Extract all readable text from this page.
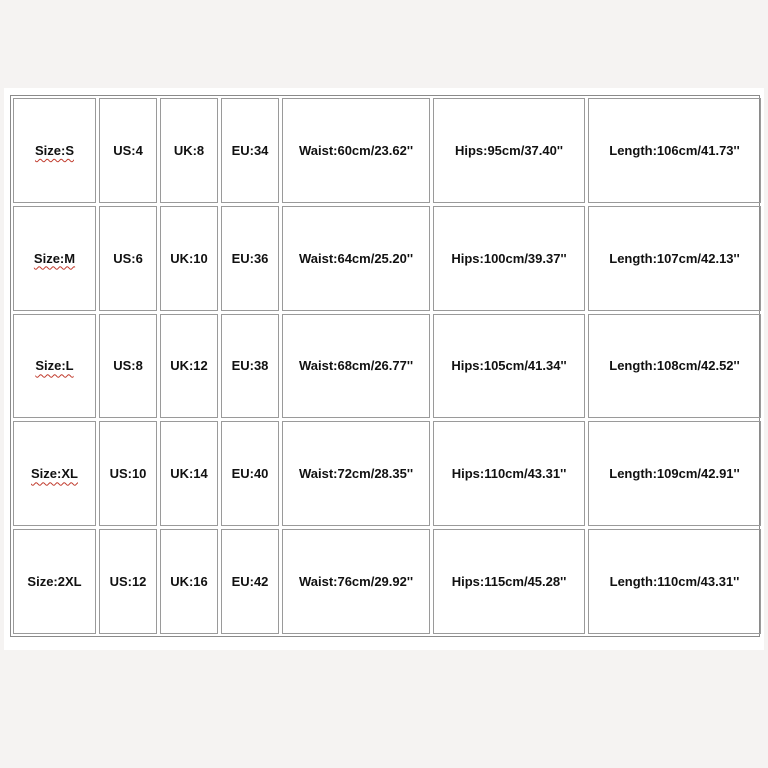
Size:S	US:4	UK:8	EU:34	Waist:60cm/23.62''	Hips:95cm/37.40''	Length:106cm/41.73''
Size:M	US:6	UK:10	EU:36	Waist:64cm/25.20''	Hips:100cm/39.37''	Length:107cm/42.13''
Size:L	US:8	UK:12	EU:38	Waist:68cm/26.77''	Hips:105cm/41.34''	Length:108cm/42.52''
Size:XL	US:10	UK:14	EU:40	Waist:72cm/28.35''	Hips:110cm/43.31''	Length:109cm/42.91''
Size:2XL	US:12	UK:16	EU:42	Waist:76cm/29.92''	Hips:115cm/45.28''	Length:110cm/43.31''
